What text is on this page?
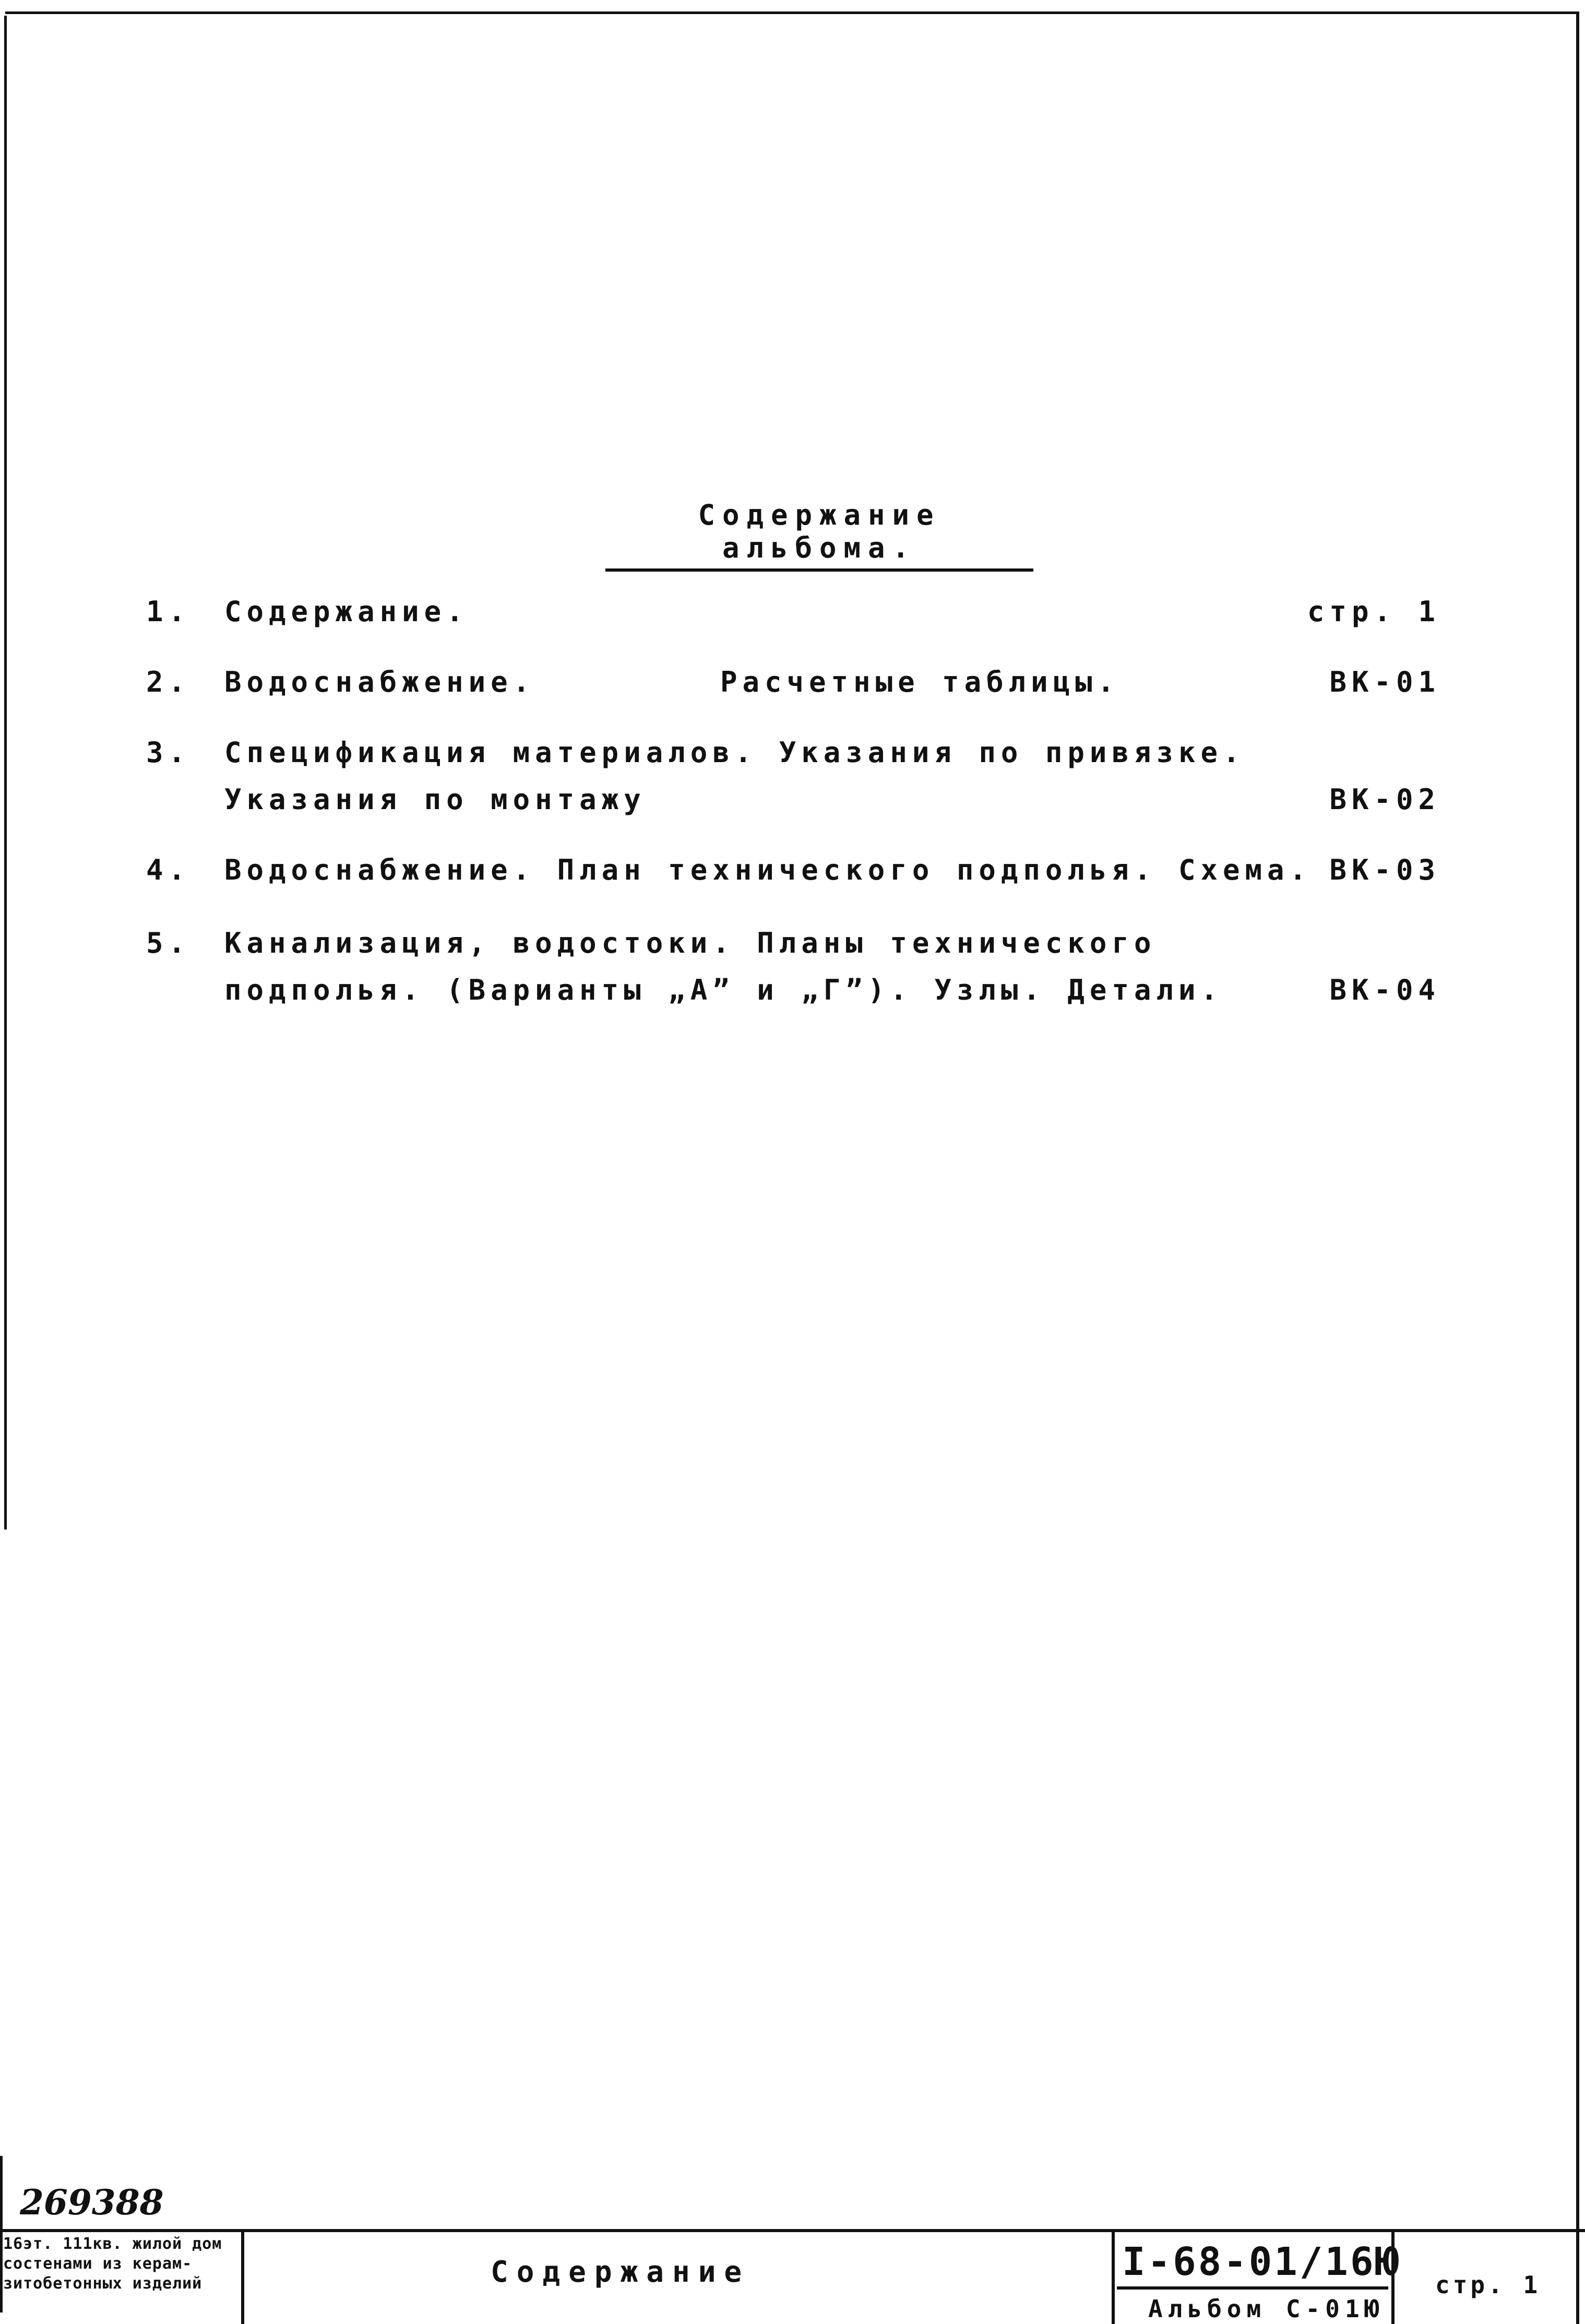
Содержание альбома.
1. Содержание.	стр. 1
2. Водоснабжение.	Расчетные таблицы.	ВК-01
3. Спецификация материалов. Указания по привязке.
Указания по монтажу	ВК-02
4. Водоснабжение. План технического подполья. Схема. ВК-03
5. Канализация, водостоки. Планы технического
подполья. (Варианты „А” и „Г”). Узлы. Детали.	ВК-04
269388
16эт. 111кв. жилой дом
состенами из керам-
зитобетонных изделий	Содержание	I-68-01/16Ю
Альбом С-01Ю
стр. 1
